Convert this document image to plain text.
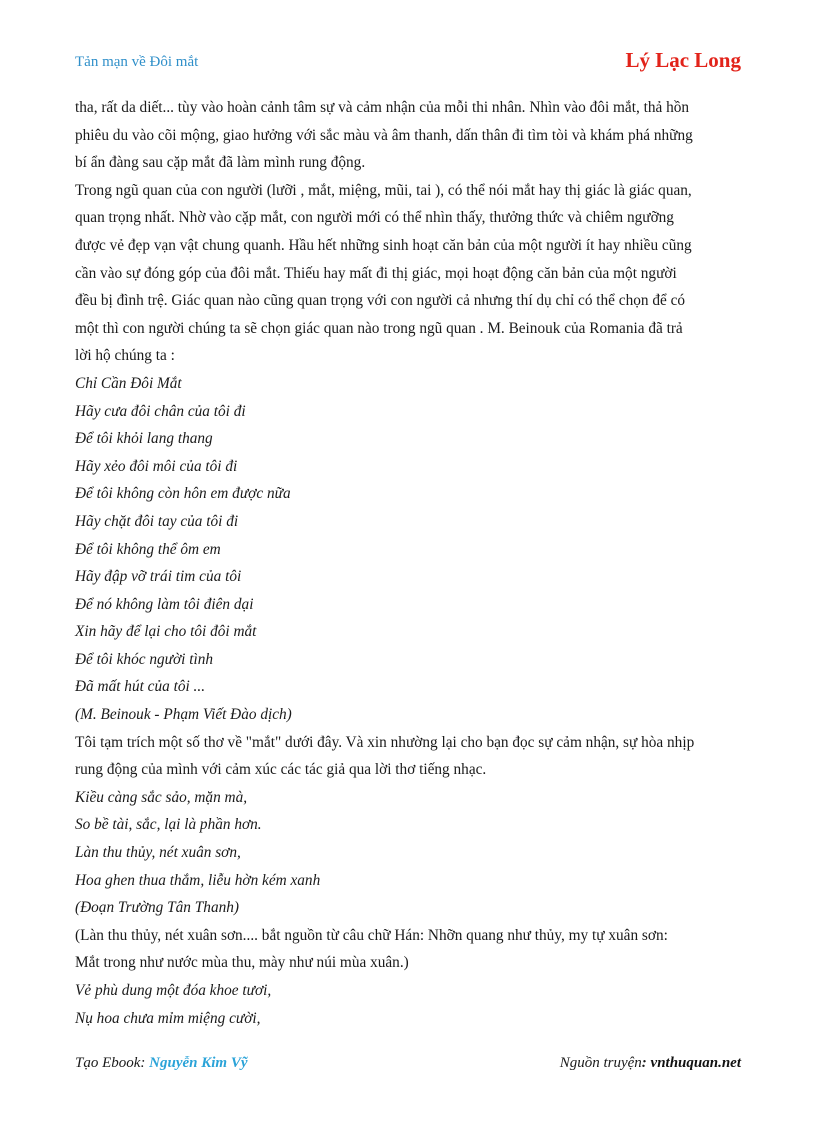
Tản mạn về Đôi mắt	Lý Lạc Long
tha, rất da diết... tùy vào hoàn cảnh tâm sự và cảm nhận của mỗi thi nhân. Nhìn vào đôi mắt, thả hồn
phiêu du vào cõi mộng, giao hưởng với sắc màu và âm thanh, dấn thân đi tìm tòi và khám phá những
bí ẩn đàng sau cặp mắt đã làm mình rung động.
Trong ngũ quan của con người (lưỡi , mắt, miệng, mũi, tai ), có thể nói mắt hay thị giác là giác quan,
quan trọng nhất. Nhờ vào cặp mắt, con người mới có thể nhìn thấy, thưởng thức và chiêm ngưỡng
được vẻ đẹp vạn vật chung quanh. Hầu hết những sinh hoạt căn bản của một người ít hay nhiều cũng
cần vào sự đóng góp của đôi mắt. Thiếu hay mất đi thị giác, mọi hoạt động căn bản của một người
đều bị đình trệ. Giác quan nào cũng quan trọng với con người cả nhưng thí dụ chỉ có thể chọn để có
một thì con người chúng ta sẽ chọn giác quan nào trong ngũ quan . M. Beinouk của Romania đã trả
lời hộ chúng ta :
Chỉ Cần Đôi Mắt
Hãy cưa đôi chân của tôi đi
Để tôi khỏi lang thang
Hãy xẻo đôi môi của tôi đi
Để tôi không còn hôn em được nữa
Hãy chặt đôi tay của tôi đi
Để tôi không thể ôm em
Hãy đập vỡ trái tim của tôi
Để nó không làm tôi điên dại
Xin hãy để lại cho tôi đôi mắt
Để tôi khóc người tình
Đã mất hút của tôi ...
(M. Beinouk - Phạm Viết Đào dịch)
Tôi tạm trích một số thơ về "mắt" dưới đây. Và xin nhường lại cho bạn đọc sự cảm nhận, sự hòa nhịp
rung động của mình với cảm xúc các tác giả qua lời thơ tiếng nhạc.
Kiều càng sắc sảo, mặn mà,
So bề tài, sắc, lại là phần hơn.
Làn thu thủy, nét xuân sơn,
Hoa ghen thua thắm, liễu hờn kém xanh
(Đoạn Trường Tân Thanh)
(Làn thu thủy, nét xuân sơn.... bắt nguồn từ câu chữ Hán: Nhỡn quang như thủy, my tự xuân sơn:
Mắt trong như nước mùa thu, mày như núi mùa xuân.)
Vẻ phù dung một đóa khoe tươi,
Nụ hoa chưa mỉm miệng cười,
Tạo Ebook: Nguyễn Kim Vỹ	Nguồn truyện: vnthuquan.net
